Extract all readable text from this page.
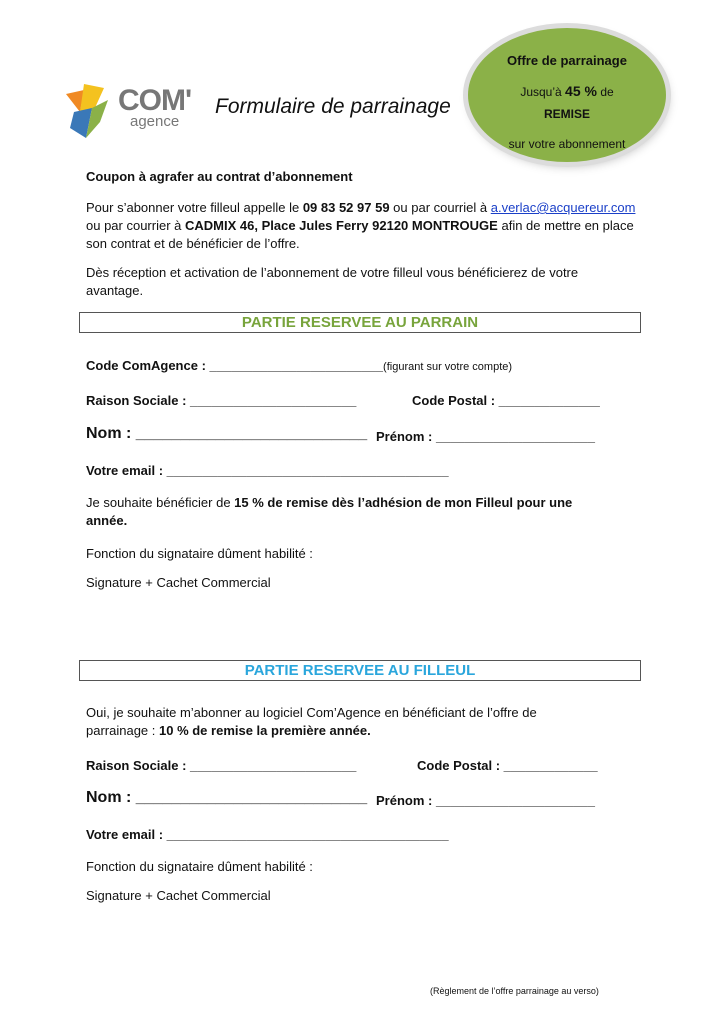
COM'
agence
Formulaire de parrainage
Offre de parrainage
Jusqu’à 45 % de
REMISE
sur votre abonnement
Coupon à agrafer au contrat d’abonnement
Pour s’abonner votre filleul appelle le 09 83 52 97 59 ou par courriel à a.verlac@acquereur.com
ou par courrier à CADMIX 46, Place Jules Ferry 92120 MONTROUGE afin de mettre en place
son contrat et de bénéficier de l’offre.
Dès réception et activation de l’abonnement de votre filleul vous bénéficierez de votre
avantage.
PARTIE RESERVEE AU PARRAIN
Code ComAgence : ________________________(figurant sur votre compte)
Raison Sociale : _______________________	Code Postal : ______________
Nom : __________________________ Prénom : ______________________
Votre email : _______________________________________
Je souhaite bénéficier de 15 % de remise dès l’adhésion de mon Filleul pour une
année.
Fonction du signataire dûment habilité :
Signature + Cachet Commercial
PARTIE RESERVEE AU FILLEUL
Oui, je souhaite m’abonner au logiciel Com’Agence en bénéficiant de l’offre de
parrainage : 10 % de remise la première année.
Raison Sociale : _______________________	Code Postal : _____________
Nom : __________________________ Prénom : ______________________
Votre email : _______________________________________
Fonction du signataire dûment habilité :
Signature + Cachet Commercial
(Règlement de l’offre parrainage au verso)
